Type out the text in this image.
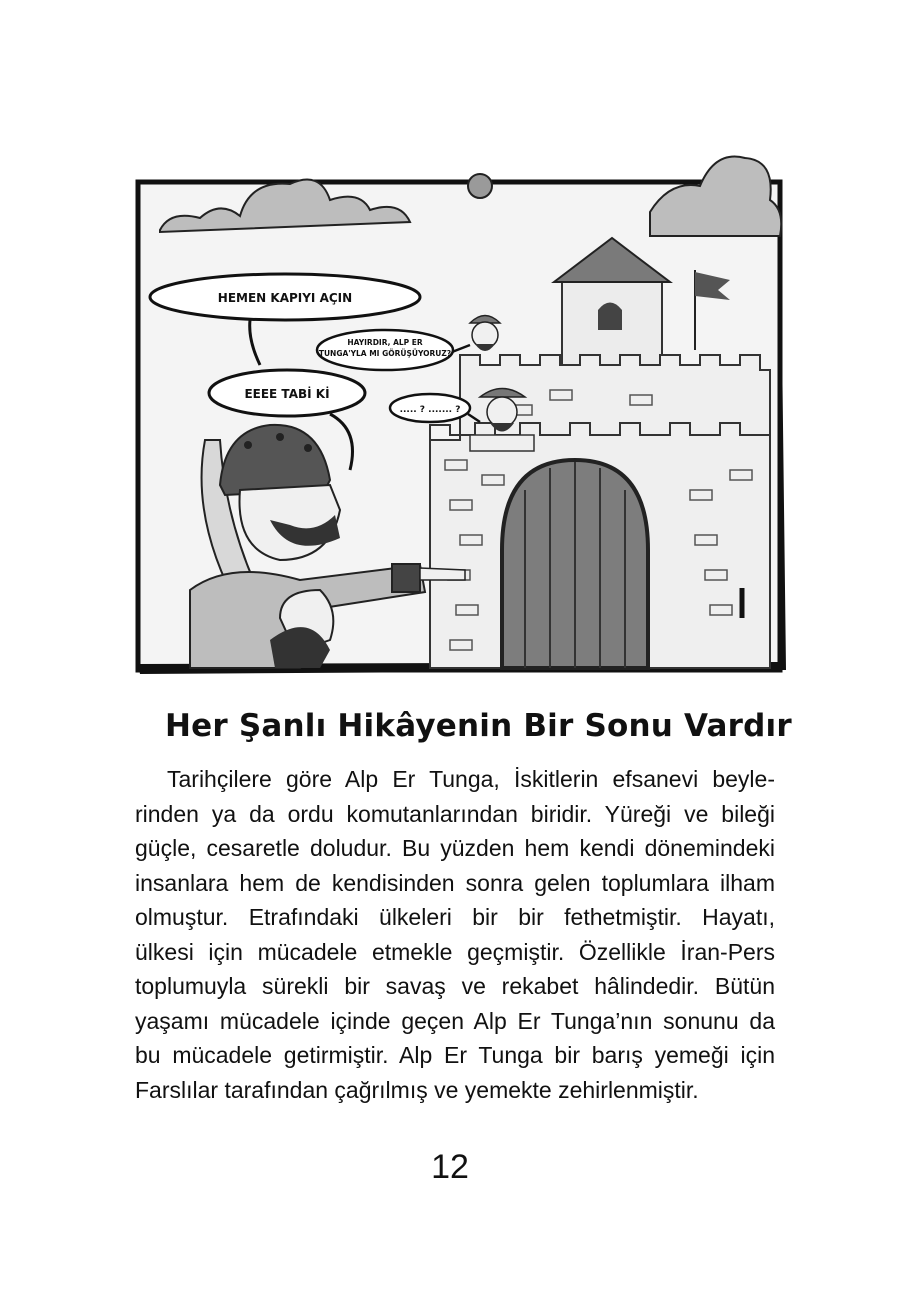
HEMEN KAPIYI AÇIN
EEEE TABİ Kİ
HAYIRDIR, ALP ER
TUNGA'YLA MI GÖRÜŞÜYORUZ?
..... ? ....... ?
Her Şanlı Hikâyenin Bir Sonu Vardır
Tarihçilere göre Alp Er Tunga, İskitlerin efsanevi beyle-
rinden ya da ordu komutanlarından biridir. Yüreği ve bileği
güçle, cesaretle doludur. Bu yüzden hem kendi dönemindeki
insanlara hem de kendisinden sonra gelen toplumlara ilham
olmuştur. Etrafındaki ülkeleri bir bir fethetmiştir. Hayatı,
ülkesi için mücadele etmekle geçmiştir. Özellikle İran-Pers
toplumuyla sürekli bir savaş ve rekabet hâlindedir. Bütün
yaşamı mücadele içinde geçen Alp Er Tunga’nın sonunu da
bu mücadele getirmiştir. Alp Er Tunga bir barış yemeği için
Farslılar tarafından çağrılmış ve yemekte zehirlenmiştir.
12
